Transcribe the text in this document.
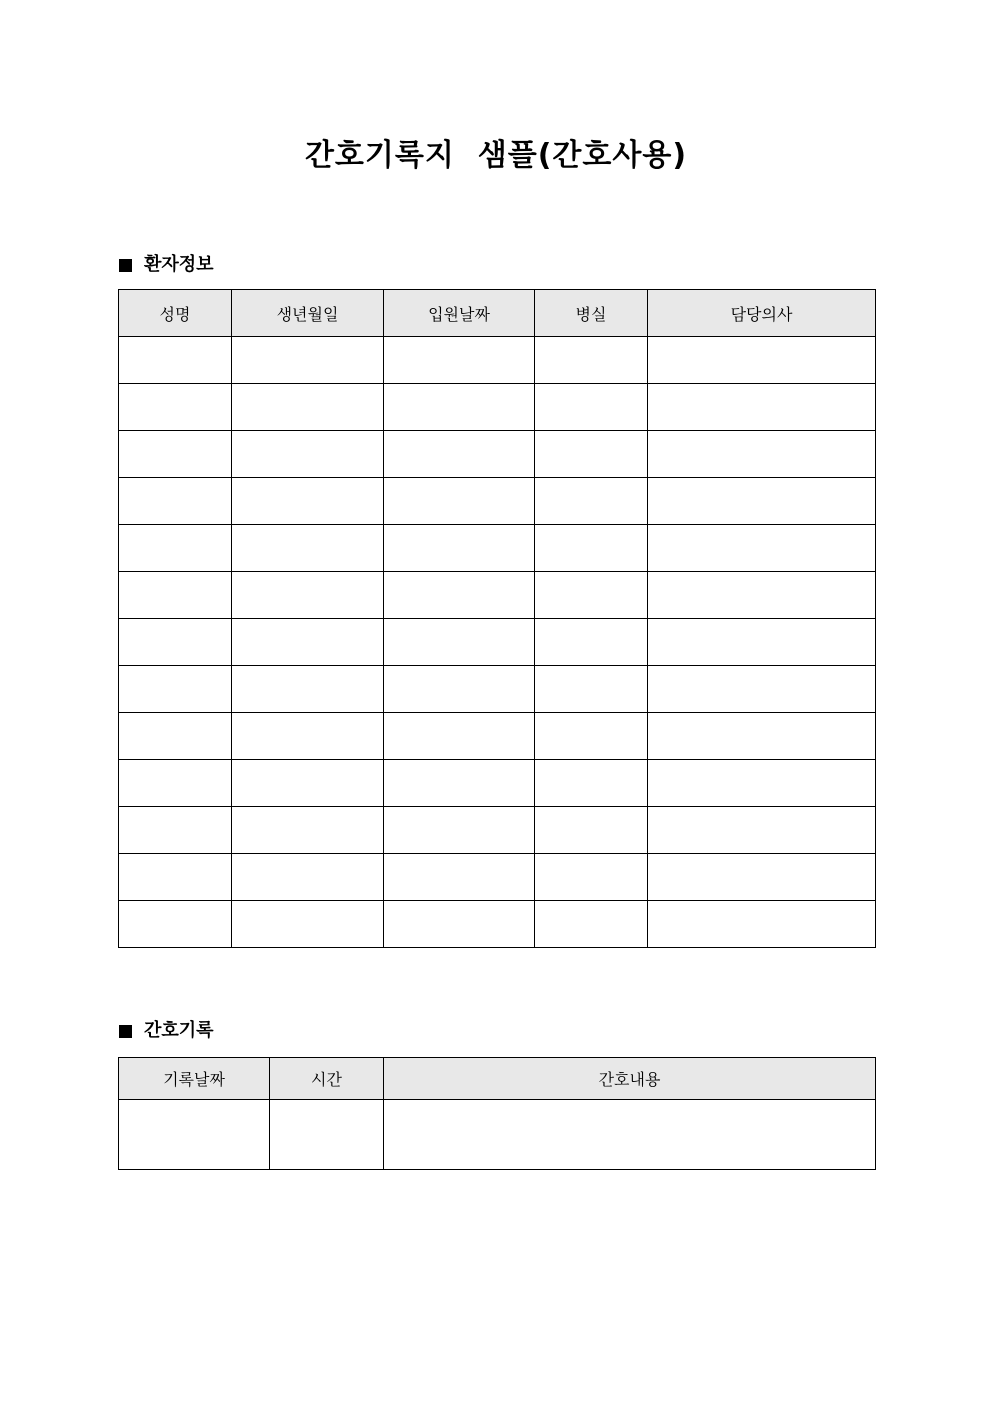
간호기록지  샘플(간호사용)
환자정보
성명	생년월일	입원날짜	병실	담당의사

간호기록
기록날짜	시간	간호내용
